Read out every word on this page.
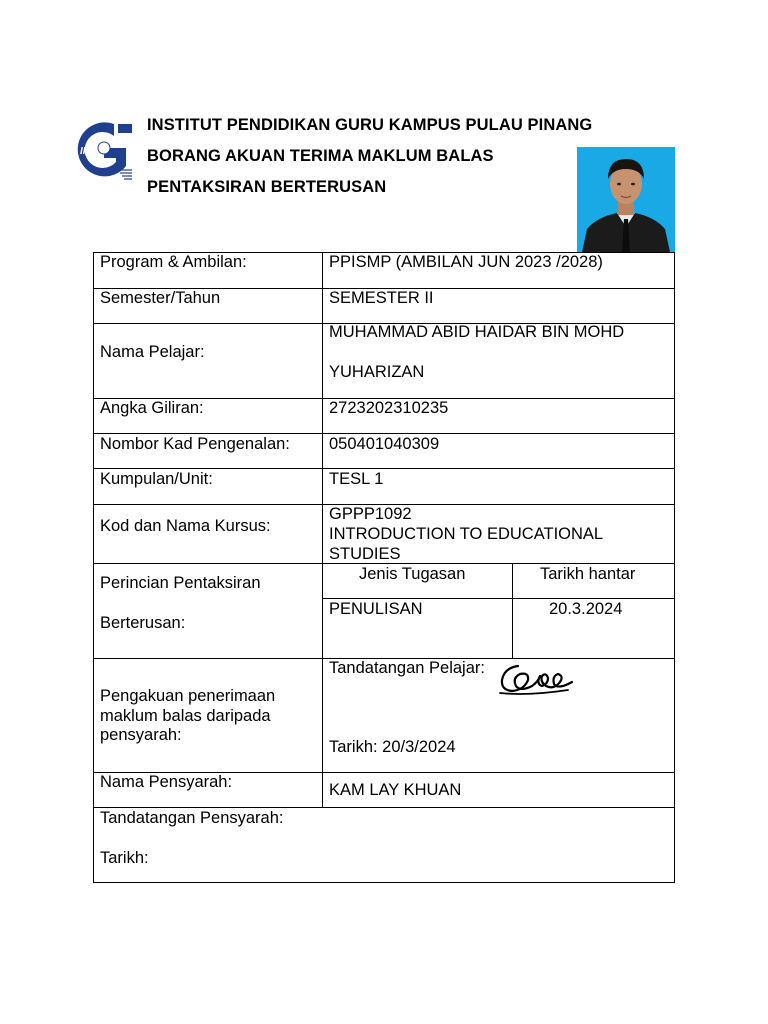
IPG
INSTITUT PENDIDIKAN GURU KAMPUS PULAU PINANG
BORANG AKUAN TERIMA MAKLUM BALAS
PENTAKSIRAN BERTERUSAN
Program & Ambilan:	PPISMP (AMBILAN JUN 2023 /2028)
Semester/Tahun	SEMESTER II
Nama Pelajar:
MUHAMMAD ABID HAIDAR BIN MOHD
YUHARIZAN
Angka Giliran:	2723202310235
Nombor Kad Pengenalan: 050401040309
Kumpulan/Unit:	TESL 1
Kod dan Nama Kursus:
GPPP1092
INTRODUCTION TO EDUCATIONAL
STUDIES
Perincian Pentaksiran
Berterusan:
Jenis Tugasan	Tarikh hantar
PENULISAN	20.3.2024
Pengakuan penerimaan
maklum balas daripada
pensyarah:
Tandatangan Pelajar:
Tarikh: 20/3/2024
Nama Pensyarah:	KAM LAY KHUAN
Tandatangan Pensyarah:
Tarikh:
